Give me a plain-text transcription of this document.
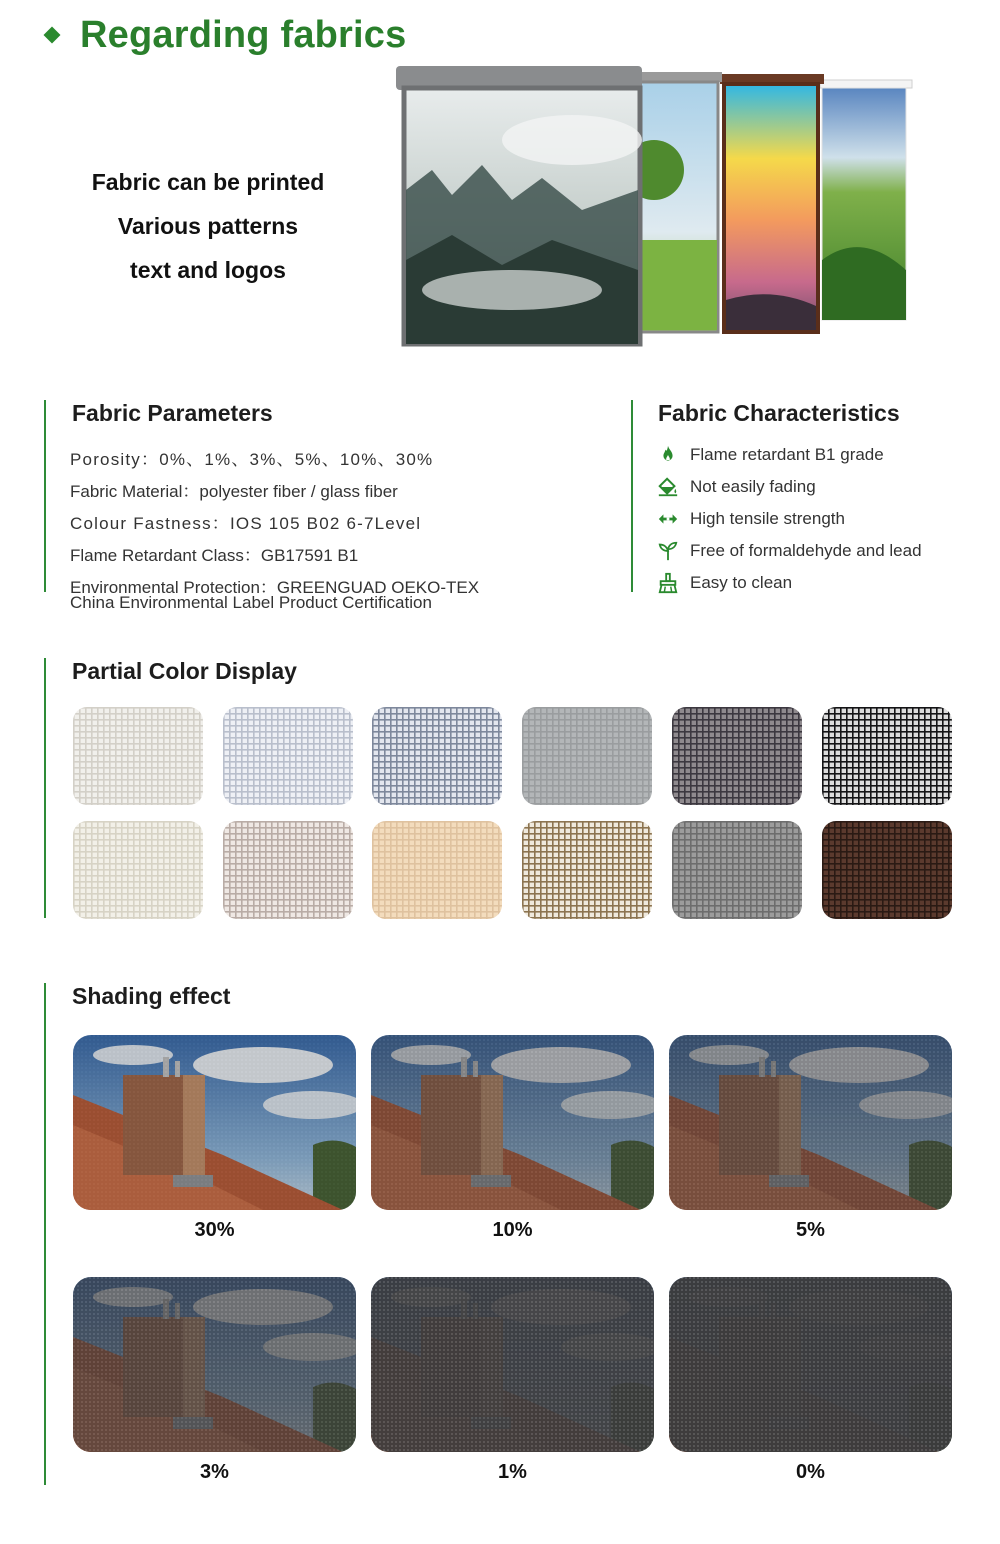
Regarding fabrics
Fabric can be printed
Various patterns
text and logos
Fabric Parameters
Porosity：0%、1%、3%、5%、10%、30%
Fabric Material：polyester fiber / glass fiber
Colour Fastness：IOS 105 B02 6-7Level
Flame Retardant Class：GB17591 B1
Environmental Protection：GREENGUAD OEKO-TEX
China Environmental Label Product Certification
Fabric Characteristics
Flame retardant B1 grade
Not easily fading
High tensile strength
Free of formaldehyde and lead
Easy to clean
Partial Color Display
Shading effect
30%	10%	5%
3%	1%	0%
